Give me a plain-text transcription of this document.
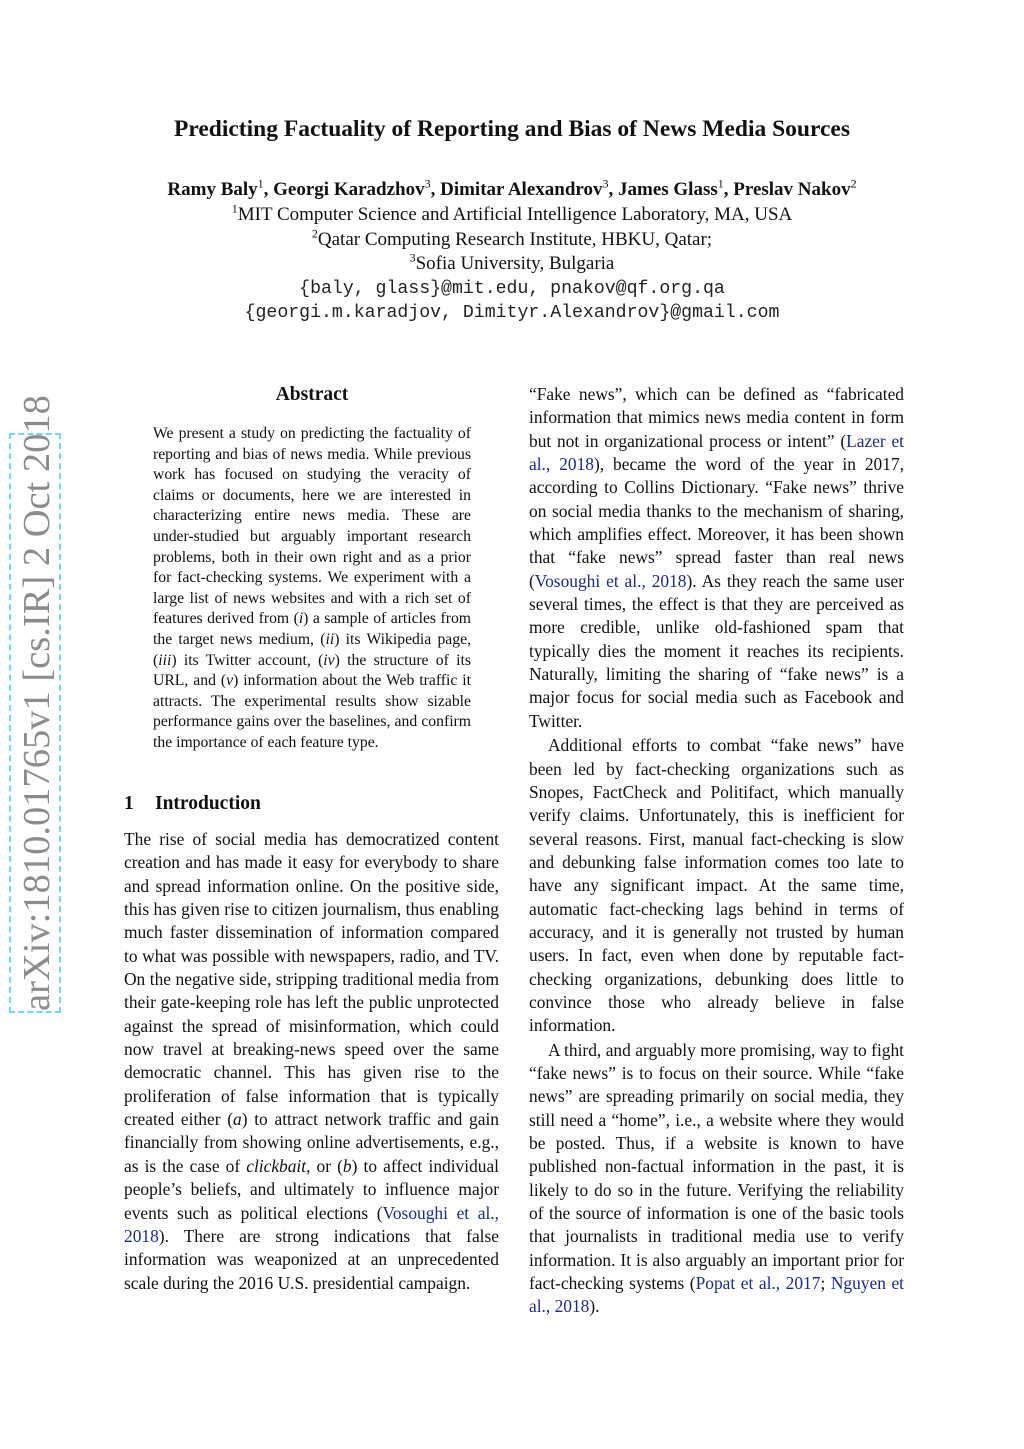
arXiv:1810.01765v1 [cs.IR] 2 Oct 2018
Predicting Factuality of Reporting and Bias of News Media Sources
Ramy Baly$^1$, Georgi Karadzhov$^3$, Dimitar Alexandrov$^3$, James Glass$^1$, Preslav Nakov$^2$
$^1$MIT Computer Science and Artificial Intelligence Laboratory, MA, USA
$^2$Qatar Computing Research Institute, HBKU, Qatar;
$^3$Sofia University, Bulgaria
{baly, glass}@mit.edu, pnakov@qf.org.qa
{georgi.m.karadjov, Dimityr.Alexandrov}@gmail.com
Abstract
We present a study on predicting the factuality of reporting and bias of news media. While previous work has focused on studying the veracity of claims or documents, here we are interested in characterizing entire news media. These are under-studied but arguably important research problems, both in their own right and as a prior for fact-checking systems. We experiment with a large list of news websites and with a rich set of features derived from (i) a sample of articles from the target news medium, (ii) its Wikipedia page, (iii) its Twitter account, (iv) the structure of its URL, and (v) information about the Web traffic it attracts. The experimental results show sizable performance gains over the baselines, and confirm the importance of each feature type.
1 Introduction

The rise of social media has democratized content creation and has made it easy for everybody to share and spread information online. On the positive side, this has given rise to citizen journalism, thus enabling much faster dissemination of information compared to what was possible with newspapers, radio, and TV. On the negative side, stripping traditional media from their gate-keeping role has left the public unprotected against the spread of misinformation, which could now travel at breaking-news speed over the same democratic channel. This has given rise to the proliferation of false information that is typically created either (a) to attract network traffic and gain financially from showing online advertisements, e.g., as is the case of clickbait, or (b) to affect individual people’s beliefs, and ultimately to influence major events such as political elections (Vosoughi et al., 2018). There are strong indications that false information was weaponized at an unprecedented scale during the 2016 U.S. presidential campaign.

“Fake news”, which can be defined as “fabricated information that mimics news media content in form but not in organizational process or intent” (Lazer et al., 2018), became the word of the year in 2017, according to Collins Dictionary. “Fake news” thrive on social media thanks to the mechanism of sharing, which amplifies effect. Moreover, it has been shown that “fake news” spread faster than real news (Vosoughi et al., 2018). As they reach the same user several times, the effect is that they are perceived as more credible, unlike old-fashioned spam that typically dies the moment it reaches its recipients. Naturally, limiting the sharing of “fake news” is a major focus for social media such as Facebook and Twitter.

Additional efforts to combat “fake news” have been led by fact-checking organizations such as Snopes, FactCheck and Politifact, which manually verify claims. Unfortunately, this is inefficient for several reasons. First, manual fact-checking is slow and debunking false information comes too late to have any significant impact. At the same time, automatic fact-checking lags behind in terms of accuracy, and it is generally not trusted by human users. In fact, even when done by reputable fact-checking organizations, debunking does little to convince those who already believe in false information.

A third, and arguably more promising, way to fight “fake news” is to focus on their source. While “fake news” are spreading primarily on social media, they still need a “home”, i.e., a website where they would be posted. Thus, if a website is known to have published non-factual information in the past, it is likely to do so in the future. Verifying the reliability of the source of information is one of the basic tools that journalists in traditional media use to verify information. It is also arguably an important prior for fact-checking systems (Popat et al., 2017; Nguyen et al., 2018).
